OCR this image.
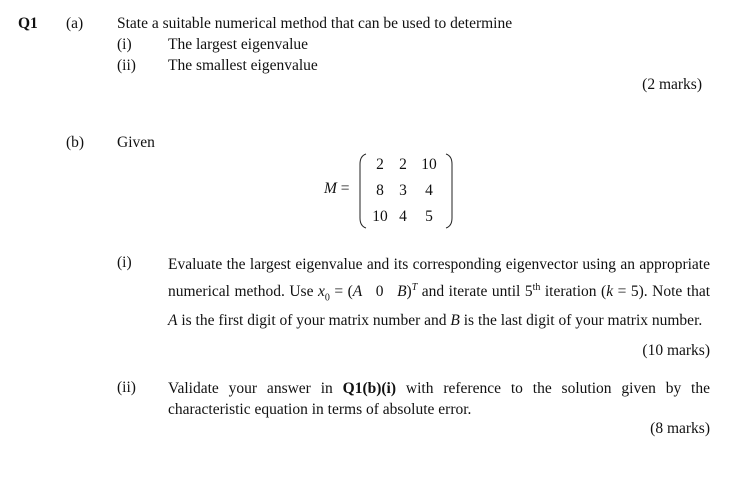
Q1 (a) State a suitable numerical method that can be used to determine
(i) The largest eigenvalue
(ii) The smallest eigenvalue
(2 marks)
(b) Given
M =
2 2 10
8 3	4
10 4	5
(i) Evaluate the largest eigenvalue and its corresponding eigenvector using an appropriate numerical method. Use $x_0 = (A$ 0 B)$^T$ and iterate until 5th iteration (k = 5). Note that A is the first digit of your matrix number and B is the last digit of your matrix number.
(10 marks)
(ii) Validate your answer in Q1(b)(i) with reference to the solution given by the characteristic equation in terms of absolute error.
(8 marks)
